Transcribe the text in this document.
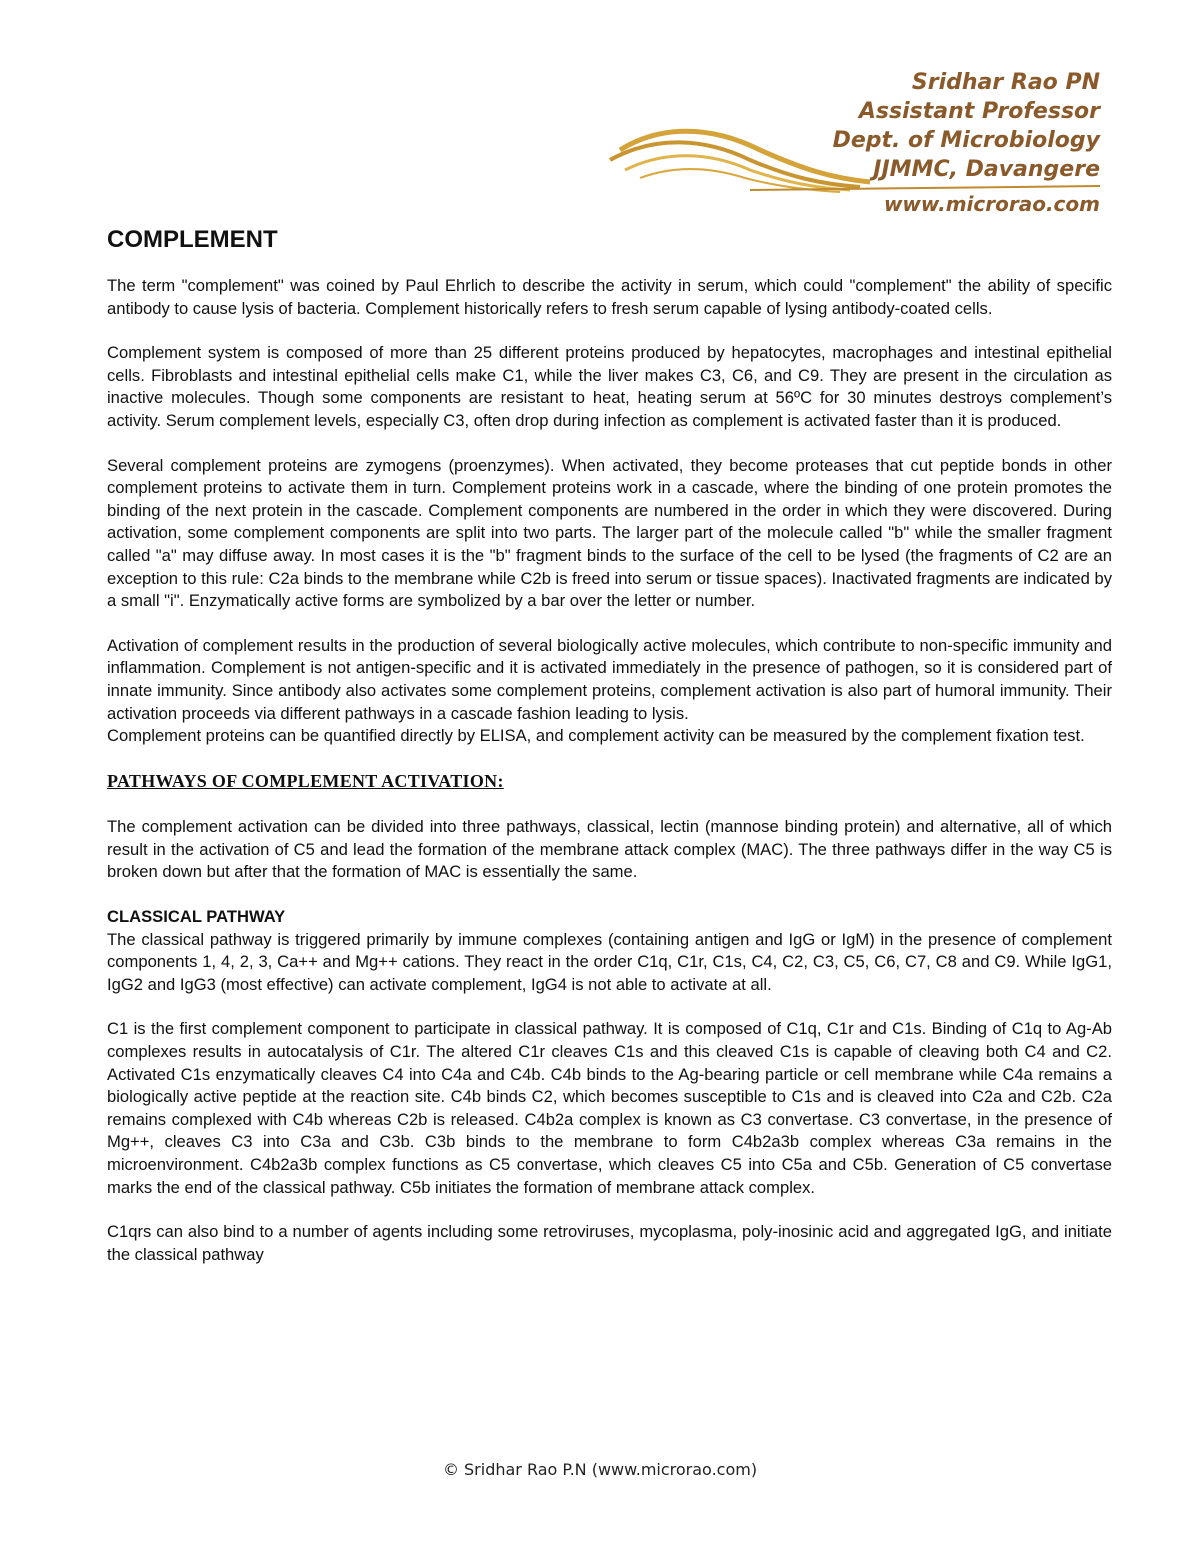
Sridhar Rao PN
Assistant Professor
Dept. of Microbiology
JJMMC, Davangere
www.microrao.com
COMPLEMENT

The term "complement" was coined by Paul Ehrlich to describe the activity in serum, which could "complement" the ability of specific antibody to cause lysis of bacteria. Complement historically refers to fresh serum capable of lysing antibody-coated cells.

Complement system is composed of more than 25 different proteins produced by hepatocytes, macrophages and intestinal epithelial cells. Fibroblasts and intestinal epithelial cells make C1, while the liver makes C3, C6, and C9. They are present in the circulation as inactive molecules. Though some components are resistant to heat, heating serum at 56ºC for 30 minutes destroys complement’s activity. Serum complement levels, especially C3, often drop during infection as complement is activated faster than it is produced.

Several complement proteins are zymogens (proenzymes). When activated, they become proteases that cut peptide bonds in other complement proteins to activate them in turn. Complement proteins work in a cascade, where the binding of one protein promotes the binding of the next protein in the cascade. Complement components are numbered in the order in which they were discovered. During activation, some complement components are split into two parts. The larger part of the molecule called "b" while the smaller fragment called "a" may diffuse away. In most cases it is the "b" fragment binds to the surface of the cell to be lysed (the fragments of C2 are an exception to this rule: C2a binds to the membrane while C2b is freed into serum or tissue spaces). Inactivated fragments are indicated by a small "i". Enzymatically active forms are symbolized by a bar over the letter or number.

Activation of complement results in the production of several biologically active molecules, which contribute to non-specific immunity and inflammation. Complement is not antigen-specific and it is activated immediately in the presence of pathogen, so it is considered part of innate immunity. Since antibody also activates some complement proteins, complement activation is also part of humoral immunity. Their activation proceeds via different pathways in a cascade fashion leading to lysis.

Complement proteins can be quantified directly by ELISA, and complement activity can be measured by the complement fixation test.

PATHWAYS OF COMPLEMENT ACTIVATION:

The complement activation can be divided into three pathways, classical, lectin (mannose binding protein) and alternative, all of which result in the activation of C5 and lead the formation of the membrane attack complex (MAC). The three pathways differ in the way C5 is broken down but after that the formation of MAC is essentially the same.

CLASSICAL PATHWAY

The classical pathway is triggered primarily by immune complexes (containing antigen and IgG or IgM) in the presence of complement components 1, 4, 2, 3, Ca++ and Mg++ cations. They react in the order C1q, C1r, C1s, C4, C2, C3, C5, C6, C7, C8 and C9. While IgG1, IgG2 and IgG3 (most effective) can activate complement, IgG4 is not able to activate at all.

C1 is the first complement component to participate in classical pathway. It is composed of C1q, C1r and C1s. Binding of C1q to Ag-Ab complexes results in autocatalysis of C1r. The altered C1r cleaves C1s and this cleaved C1s is capable of cleaving both C4 and C2. Activated C1s enzymatically cleaves C4 into C4a and C4b. C4b binds to the Ag-bearing particle or cell membrane while C4a remains a biologically active peptide at the reaction site. C4b binds C2, which becomes susceptible to C1s and is cleaved into C2a and C2b. C2a remains complexed with C4b whereas C2b is released. C4b2a complex is known as C3 convertase. C3 convertase, in the presence of Mg++, cleaves C3 into C3a and C3b. C3b binds to the membrane to form C4b2a3b complex whereas C3a remains in the microenvironment. C4b2a3b complex functions as C5 convertase, which cleaves C5 into C5a and C5b. Generation of C5 convertase marks the end of the classical pathway. C5b initiates the formation of membrane attack complex.

C1qrs can also bind to a number of agents including some retroviruses, mycoplasma, poly-inosinic acid and aggregated IgG, and initiate the classical pathway

© Sridhar Rao P.N (www.microrao.com)
